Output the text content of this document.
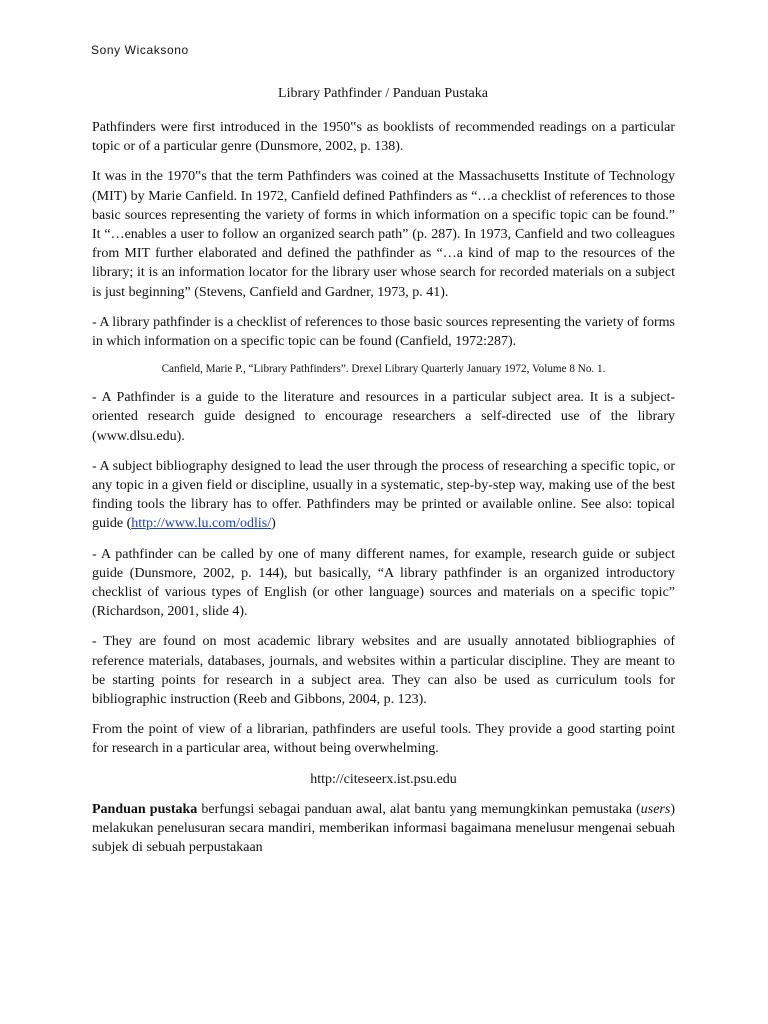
Sony Wicaksono
Library Pathfinder / Panduan Pustaka

Pathfinders were first introduced in the 1950‟s as booklists of recommended readings on a particular topic or of a particular genre (Dunsmore, 2002, p. 138).

It was in the 1970‟s that the term Pathfinders was coined at the Massachusetts Institute of Technology (MIT) by Marie Canfield. In 1972, Canfield defined Pathfinders as “…a checklist of references to those basic sources representing the variety of forms in which information on a specific topic can be found.” It “…enables a user to follow an organized search path” (p. 287). In 1973, Canfield and two colleagues from MIT further elaborated and defined the pathfinder as “…a kind of map to the resources of the library; it is an information locator for the library user whose search for recorded materials on a subject is just beginning” (Stevens, Canfield and Gardner, 1973, p. 41).

- A library pathfinder is a checklist of references to those basic sources representing the variety of forms in which information on a specific topic can be found (Canfield, 1972:287).

Canfield, Marie P., “Library Pathfinders”. Drexel Library Quarterly January 1972, Volume 8 No. 1.

- A Pathfinder is a guide to the literature and resources in a particular subject area. It is a subject-oriented research guide designed to encourage researchers a self-directed use of the library (www.dlsu.edu).

- A subject bibliography designed to lead the user through the process of researching a specific topic, or any topic in a given field or discipline, usually in a systematic, step-by-step way, making use of the best finding tools the library has to offer. Pathfinders may be printed or available online. See also: topical guide (http://www.lu.com/odlis/)

- A pathfinder can be called by one of many different names, for example, research guide or subject guide (Dunsmore, 2002, p. 144), but basically, “A library pathfinder is an organized introductory checklist of various types of English (or other language) sources and materials on a specific topic” (Richardson, 2001, slide 4).

- They are found on most academic library websites and are usually annotated bibliographies of reference materials, databases, journals, and websites within a particular discipline. They are meant to be starting points for research in a subject area. They can also be used as curriculum tools for bibliographic instruction (Reeb and Gibbons, 2004, p. 123).

From the point of view of a librarian, pathfinders are useful tools. They provide a good starting point for research in a particular area, without being overwhelming.

http://citeseerx.ist.psu.edu

Panduan pustaka berfungsi sebagai panduan awal, alat bantu yang memungkinkan pemustaka (users) melakukan penelusuran secara mandiri, memberikan informasi bagaimana menelusur mengenai sebuah subjek di sebuah perpustakaan
